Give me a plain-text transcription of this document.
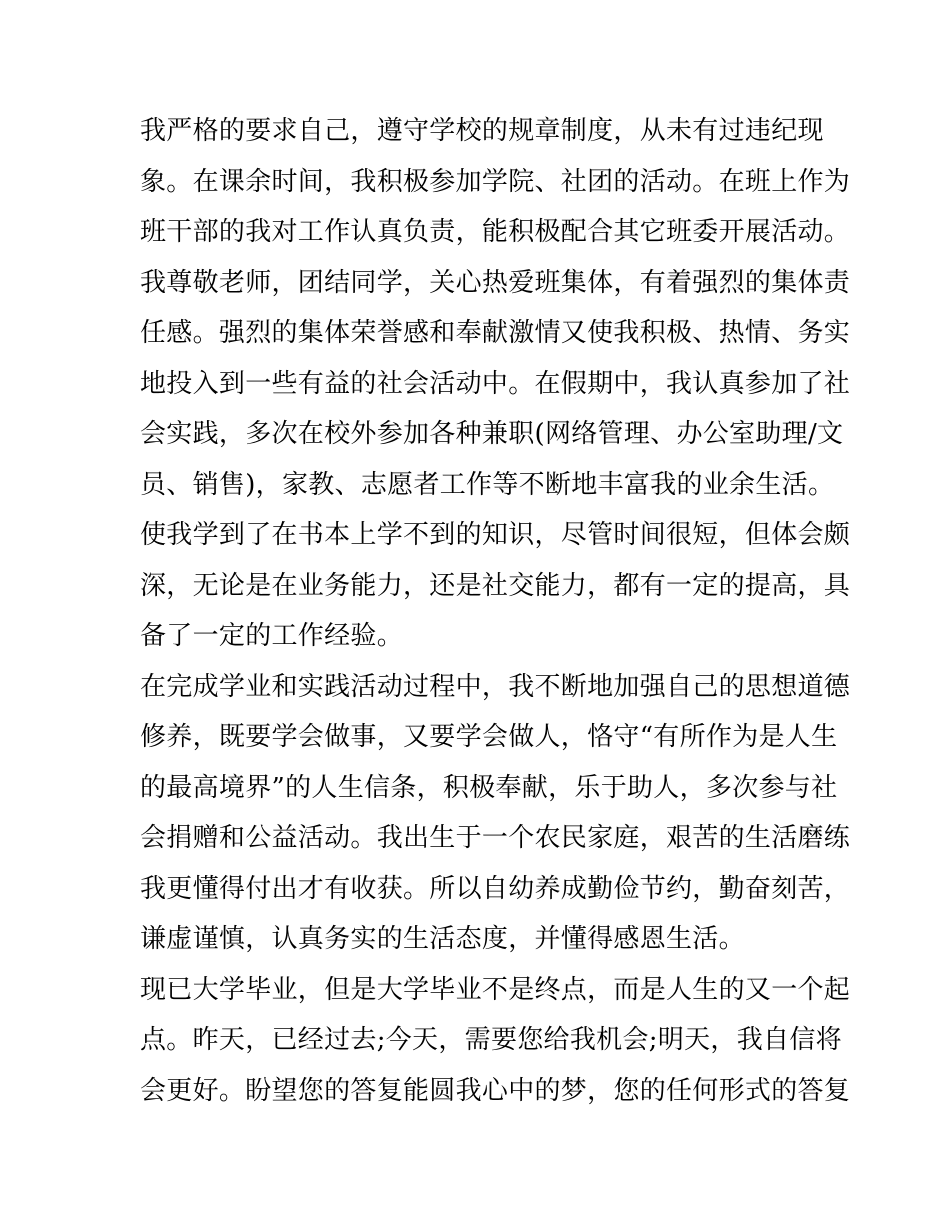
我严格的要求自己，遵守学校的规章制度，从未有过违纪现
象。在课余时间，我积极参加学院、社团的活动。在班上作为
班干部的我对工作认真负责，能积极配合其它班委开展活动。
我尊敬老师，团结同学，关心热爱班集体，有着强烈的集体责
任感。强烈的集体荣誉感和奉献激情又使我积极、热情、务实
地投入到一些有益的社会活动中。在假期中，我认真参加了社
会实践，多次在校外参加各种兼职(网络管理、办公室助理/文
员、销售)，家教、志愿者工作等不断地丰富我的业余生活。
使我学到了在书本上学不到的知识，尽管时间很短，但体会颇
深，无论是在业务能力，还是社交能力，都有一定的提高，具
备了一定的工作经验。
在完成学业和实践活动过程中，我不断地加强自己的思想道德
修养，既要学会做事，又要学会做人，恪守“有所作为是人生
的最高境界”的人生信条，积极奉献，乐于助人，多次参与社
会捐赠和公益活动。我出生于一个农民家庭，艰苦的生活磨练
我更懂得付出才有收获。所以自幼养成勤俭节约，勤奋刻苦，
谦虚谨慎，认真务实的生活态度，并懂得感恩生活。
现已大学毕业，但是大学毕业不是终点，而是人生的又一个起
点。昨天，已经过去;今天，需要您给我机会;明天，我自信将
会更好。盼望您的答复能圆我心中的梦，您的任何形式的答复
